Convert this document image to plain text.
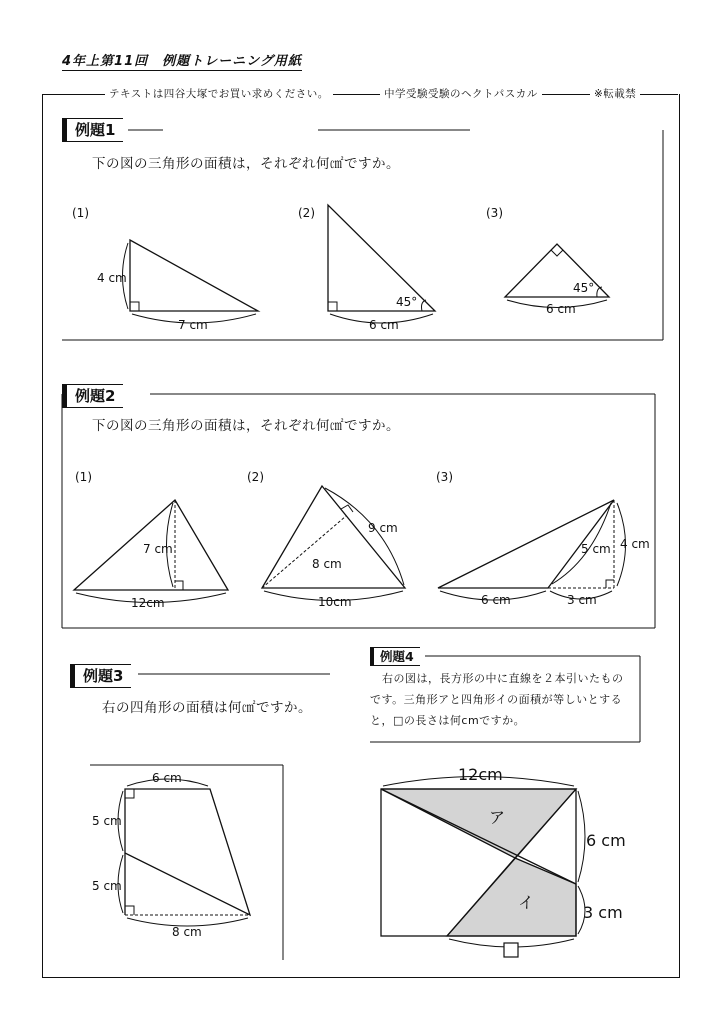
4年上第11回　例題トレーニング用紙
テキストは四谷大塚でお買い求めください。	中学受験受験のヘクトパスカル	※転載禁
4 cm
7 cm
45°
6 cm
45°
6 cm
7 cm
12cm
9 cm
8 cm
10cm
5 cm 4 cm
6 cm	3 cm
6 cm
5 cm
5 cm
8 cm
12cm
6 cm
3 cm
ア
イ
例題1
下の図の三角形の面積は，それぞれ何㎠ですか。
(1)	(2)	(3)
例題2
下の図の三角形の面積は，それぞれ何㎠ですか。
(1)	(2)	(3)
例題3
右の四角形の面積は何㎠ですか。
例題4
右の図は，長方形の中に直線を２本引いたものです。三角形アと四角形イの面積が等しいとすると，□の長さは何cmですか。
